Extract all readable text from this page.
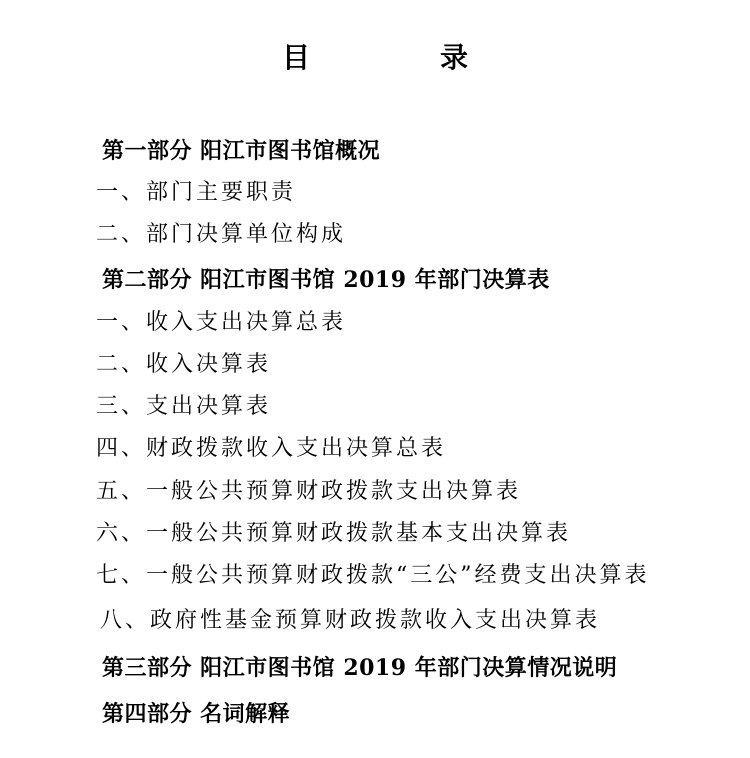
目	录
第一部分 阳江市图书馆概况
一、部门主要职责
二、部门决算单位构成
第二部分 阳江市图书馆 2019 年部门决算表
一、收入支出决算总表
二、收入决算表
三、支出决算表
四、财政拨款收入支出决算总表
五、一般公共预算财政拨款支出决算表
六、一般公共预算财政拨款基本支出决算表
七、一般公共预算财政拨款“三公”经费支出决算表
八、政府性基金预算财政拨款收入支出决算表
第三部分 阳江市图书馆 2019 年部门决算情况说明
第四部分 名词解释
